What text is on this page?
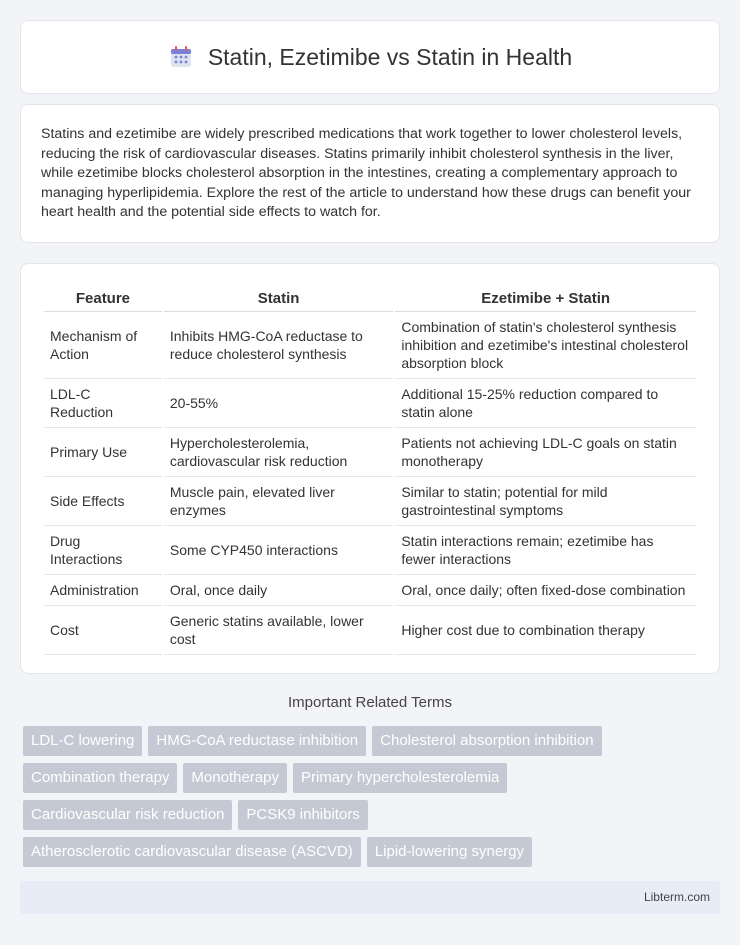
Statin, Ezetimibe vs Statin in Health

Statins and ezetimibe are widely prescribed medications that work together to lower cholesterol levels, reducing the risk of cardiovascular diseases. Statins primarily inhibit cholesterol synthesis in the liver, while ezetimibe blocks cholesterol absorption in the intestines, creating a complementary approach to managing hyperlipidemia. Explore the rest of the article to understand how these drugs can benefit your heart health and the potential side effects to watch for.

Feature	Statin	Ezetimibe + Statin
Mechanism of Action	Inhibits HMG-CoA reductase to reduce cholesterol synthesis	Combination of statin's cholesterol synthesis inhibition and ezetimibe's intestinal cholesterol absorption block
LDL-C Reduction	20-55%	Additional 15-25% reduction compared to statin alone
Primary Use	Hypercholesterolemia, cardiovascular risk reduction	Patients not achieving LDL-C goals on statin monotherapy
Side Effects	Muscle pain, elevated liver enzymes	Similar to statin; potential for mild gastrointestinal symptoms
Drug Interactions	Some CYP450 interactions	Statin interactions remain; ezetimibe has fewer interactions
Administration	Oral, once daily	Oral, once daily; often fixed-dose combination
Cost	Generic statins available, lower cost	Higher cost due to combination therapy
Important Related Terms
LDL-C lowering	HMG-CoA reductase inhibition	Cholesterol absorption inhibition
Combination therapy	Monotherapy	Primary hypercholesterolemia
Cardiovascular risk reduction	PCSK9 inhibitors
Atherosclerotic cardiovascular disease (ASCVD)	Lipid-lowering synergy
Libterm.com
